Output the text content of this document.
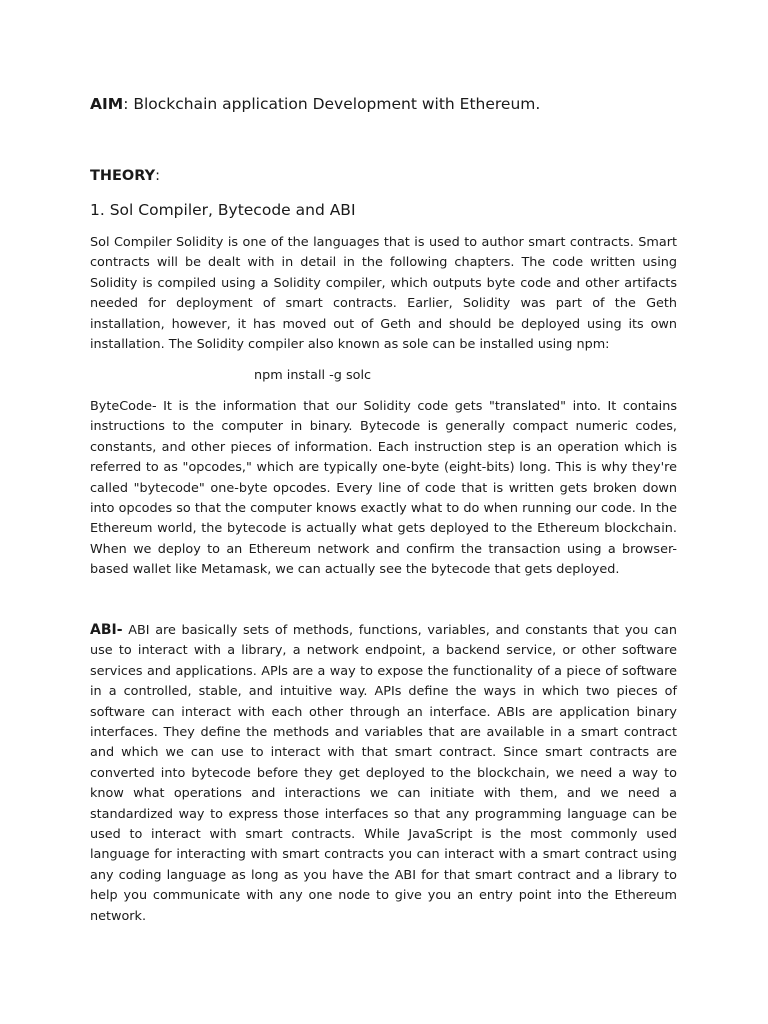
AIM: Blockchain application Development with Ethereum.
THEORY:
1. Sol Compiler, Bytecode and ABI

Sol Compiler Solidity is one of the languages that is used to author smart contracts. Smart contracts will be dealt with in detail in the following chapters. The code written using Solidity is compiled using a Solidity compiler, which outputs byte code and other artifacts needed for deployment of smart contracts. Earlier, Solidity was part of the Geth installation, however, it has moved out of Geth and should be deployed using its own installation. The Solidity compiler also known as sole can be installed using npm:

npm install -g solc

ByteCode- It is the information that our Solidity code gets "translated" into. It contains instructions to the computer in binary. Bytecode is generally compact numeric codes, constants, and other pieces of information. Each instruction step is an operation which is referred to as "opcodes," which are typically one-byte (eight-bits) long. This is why they're called "bytecode" one-byte opcodes. Every line of code that is written gets broken down into opcodes so that the computer knows exactly what to do when running our code. In the Ethereum world, the bytecode is actually what gets deployed to the Ethereum blockchain. When we deploy to an Ethereum network and confirm the transaction using a browser-based wallet like Metamask, we can actually see the bytecode that gets deployed.

ABI- ABI are basically sets of methods, functions, variables, and constants that you can use to interact with a library, a network endpoint, a backend service, or other software services and applications. APls are a way to expose the functionality of a piece of software in a controlled, stable, and intuitive way. APIs define the ways in which two pieces of software can interact with each other through an interface. ABIs are application binary interfaces. They define the methods and variables that are available in a smart contract and which we can use to interact with that smart contract. Since smart contracts are converted into bytecode before they get deployed to the blockchain, we need a way to know what operations and interactions we can initiate with them, and we need a standardized way to express those interfaces so that any programming language can be used to interact with smart contracts. While JavaScript is the most commonly used language for interacting with smart contracts you can interact with a smart contract using any coding language as long as you have the ABI for that smart contract and a library to help you communicate with any one node to give you an entry point into the Ethereum network.
